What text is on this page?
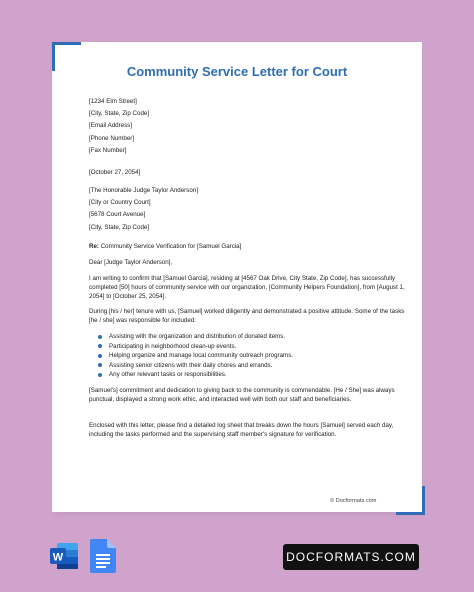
Community Service Letter for Court
[1234 Elm Street]
[City, State, Zip Code]
[Email Address]
[Phone Number]
[Fax Number]
[October 27, 2054]
[The Honorable Judge Taylor Anderson]
[City or Country Court]
[5678 Court Avenue]
[City, State, Zip Code]
Re: Community Service Verification for [Samuel Garcia]
Dear [Judge Taylor Anderson],
I am writing to confirm that [Samuel Garcia], residing at [4567 Oak Drive, City State, Zip Code], has successfully completed [50] hours of community service with our organization, [Community Helpers Foundation], from [August 1, 2054] to [October 25, 2054].
During [his / her] tenure with us, [Samuel] worked diligently and demonstrated a positive attitude. Some of the tasks [he / she] was responsible for included:
Assisting with the organization and distribution of donated items.
Participating in neighborhood clean-up events.
Helping organize and manage local community outreach programs.
Assisting senior citizens with their daily chores and errands.
Any other relevant tasks or responsibilities.
[Samuel's] commitment and dedication to giving back to the community is commendable. [He / She] was always punctual, displayed a strong work ethic, and interacted well with both our staff and beneficiaries.
Enclosed with this letter, please find a detailed log sheet that breaks down the hours [Samuel] served each day, including the tasks performed and the supervising staff member's signature for verification.
© Docformats.com
W	DOCFORMATS.COM
